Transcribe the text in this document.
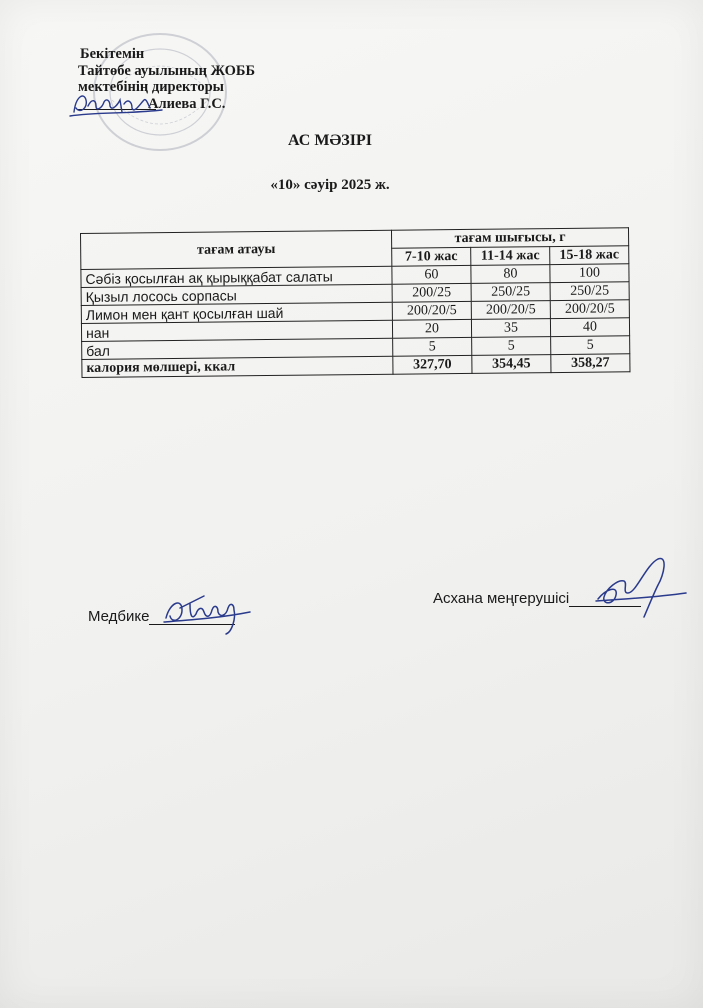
Бекітемін
Тайтөбе ауылының ЖОББ
мектебінің директоры
Алиева Г.С.
АС МӘЗІРІ
«10» сәуір 2025 ж.
тағам атауы	тағам шығысы, г		
	7-10 жас	11-14 жас	15-18 жас
Сәбіз қосылған ақ қырыққабат салаты	60	80	100
Қызыл лосось сорпасы	200/25	250/25	250/25
Лимон мен қант қосылған шай	200/20/5	200/20/5	200/20/5
нан	20	35	40
бал	5	5	5
калория мөлшері, ккал	327,70	354,45	358,27
Медбике
Асхана меңгерушісі
